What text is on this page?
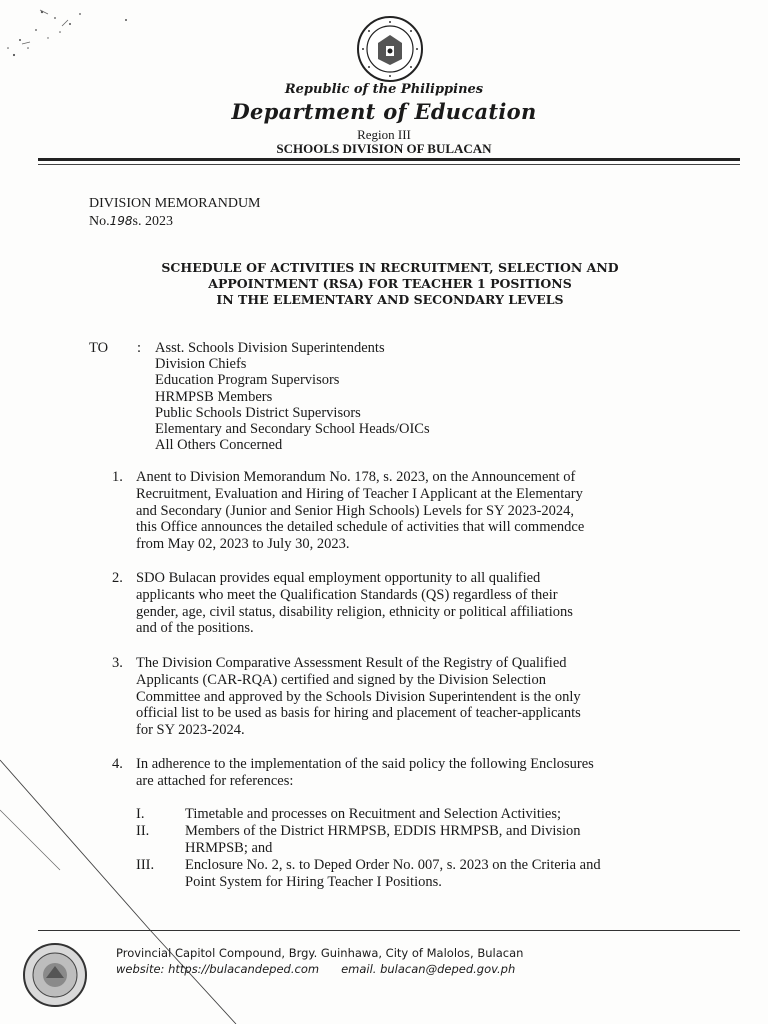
Republic of the Philippines
Department of Education
Region III
SCHOOLS DIVISION OF BULACAN
DIVISION MEMORANDUM
No.198s. 2023
SCHEDULE OF ACTIVITIES IN RECRUITMENT, SELECTION AND
APPOINTMENT (RSA) FOR TEACHER 1 POSITIONS
IN THE ELEMENTARY AND SECONDARY LEVELS
TO : Asst. Schools Division Superintendents
Division Chiefs
Education Program Supervisors
HRMPSB Members
Public Schools District Supervisors
Elementary and Secondary School Heads/OICs
All Others Concerned
1. Anent to Division Memorandum No. 178, s. 2023, on the Announcement of
Recruitment, Evaluation and Hiring of Teacher I Applicant at the Elementary
and Secondary (Junior and Senior High Schools) Levels for SY 2023-2024,
this Office announces the detailed schedule of activities that will commendce
from May 02, 2023 to July 30, 2023.
2. SDO Bulacan provides equal employment opportunity to all qualified
applicants who meet the Qualification Standards (QS) regardless of their
gender, age, civil status, disability religion, ethnicity or political affiliations
and of the positions.
3. The Division Comparative Assessment Result of the Registry of Qualified
Applicants (CAR-RQA) certified and signed by the Division Selection
Committee and approved by the Schools Division Superintendent is the only
official list to be used as basis for hiring and placement of teacher-applicants
for SY 2023-2024.
4. In adherence to the implementation of the said policy the following Enclosures
are attached for references:
I.	Timetable and processes on Recuitment and Selection Activities;
II. Members of the District HRMPSB, EDDIS HRMPSB, and Division
HRMPSB; and
III. Enclosure No. 2, s. to Deped Order No. 007, s. 2023 on the Criteria and
Point System for Hiring Teacher I Positions.
Provincial Capitol Compound, Brgy. Guinhawa, City of Malolos, Bulacan
website: https://bulacandeped.com email. bulacan@deped.gov.ph
